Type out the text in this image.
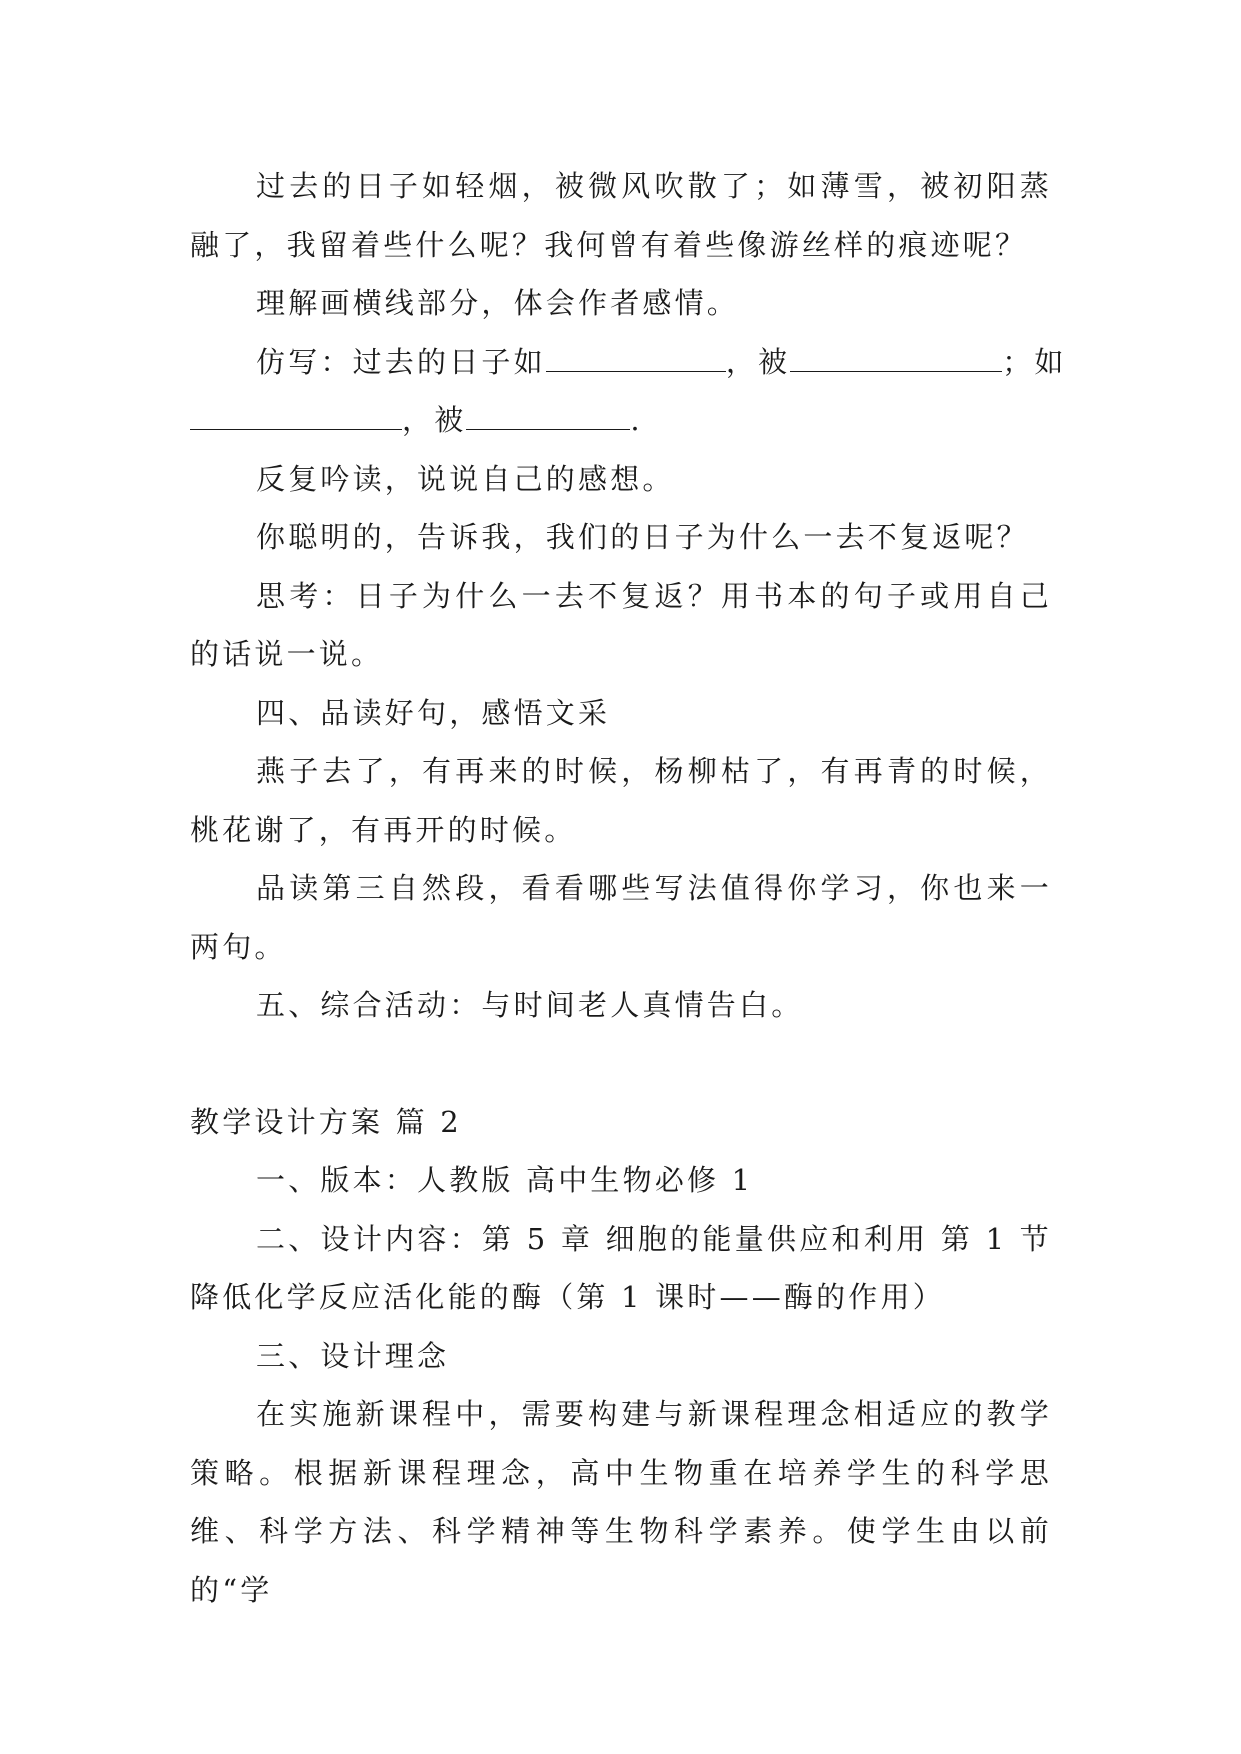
过去的日子如轻烟，被微风吹散了；如薄雪，被初阳蒸融了，我留着些什么呢？我何曾有着些像游丝样的痕迹呢？

理解画横线部分，体会作者感情。

仿写：过去的日子如	，被	；如

，被	.

反复吟读，说说自己的感想。

你聪明的，告诉我，我们的日子为什么一去不复返呢？

思考：日子为什么一去不复返？用书本的句子或用自己的话说一说。

四、品读好句，感悟文采

燕子去了，有再来的时候，杨柳枯了，有再青的时候，桃花谢了，有再开的时候。

品读第三自然段，看看哪些写法值得你学习，你也来一两句。

五、综合活动：与时间老人真情告白。

教学设计方案 篇 2

一、版本：人教版 高中生物必修 1

二、设计内容：第 5 章 细胞的能量供应和利用 第 1 节降低化学反应活化能的酶（第 1 课时——酶的作用）

三、设计理念

在实施新课程中，需要构建与新课程理念相适应的教学策略。根据新课程理念，高中生物重在培养学生的科学思维、科学方法、科学精神等生物科学素养。使学生由以前的“学
